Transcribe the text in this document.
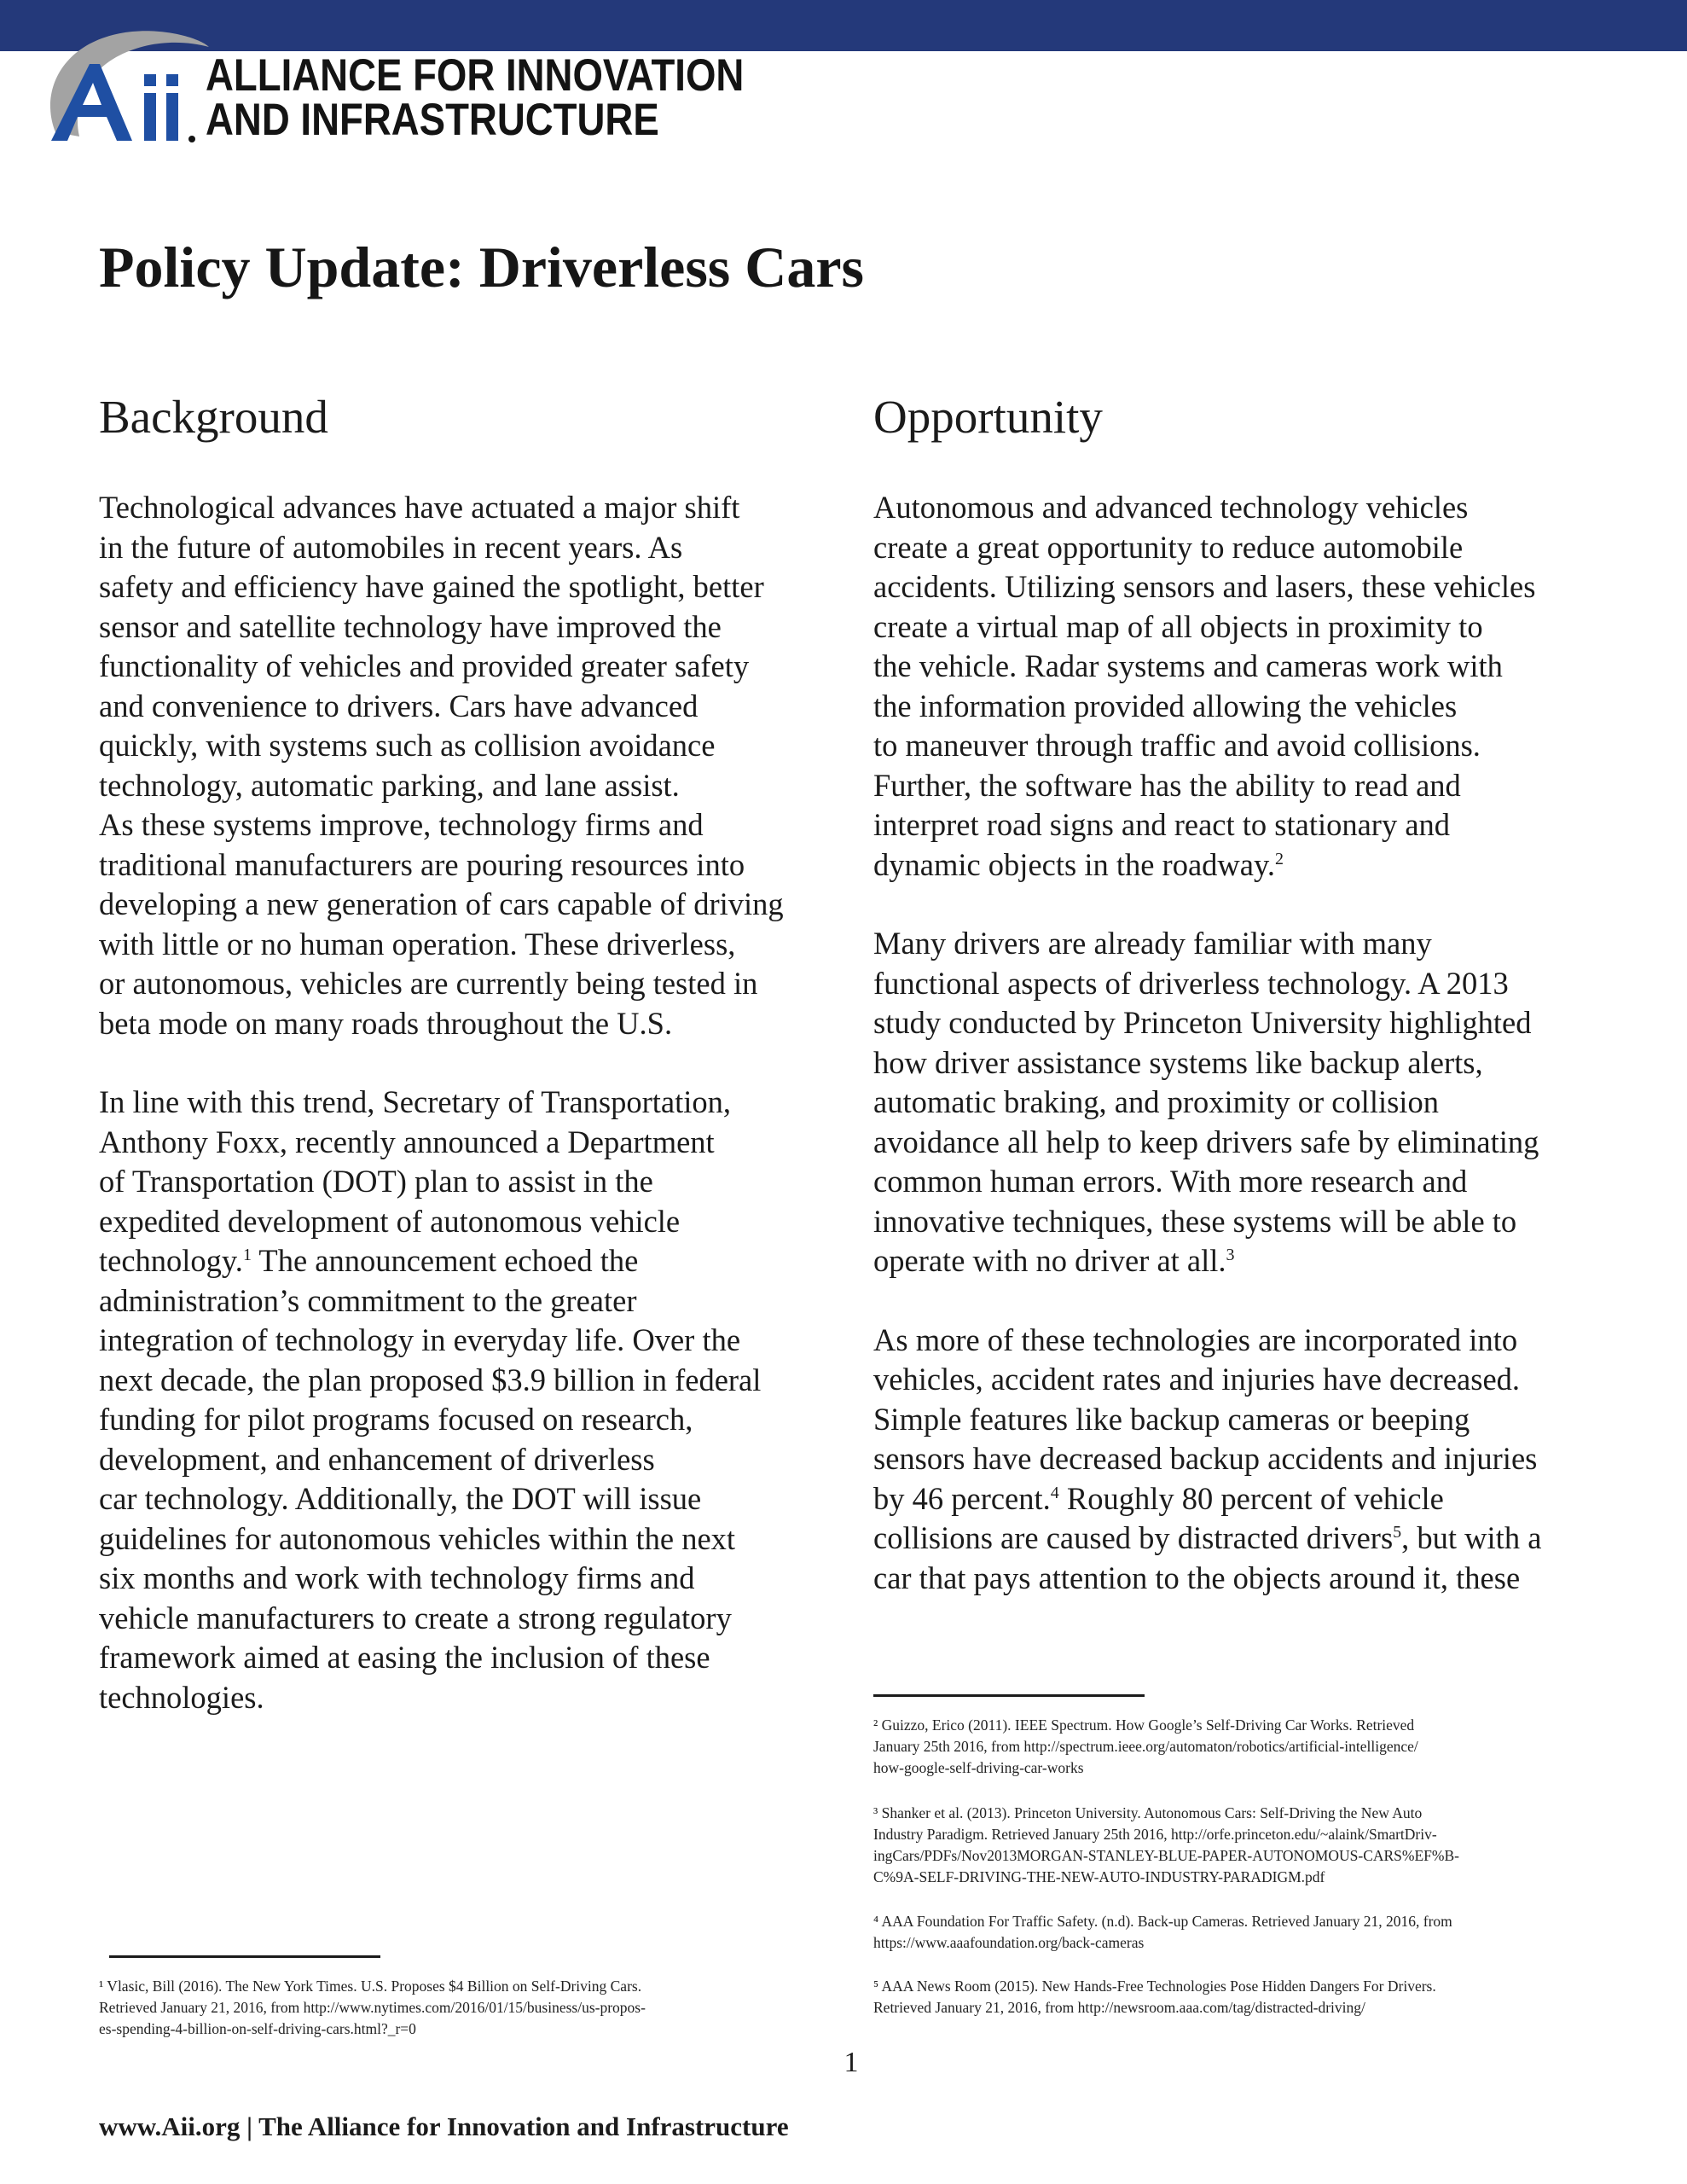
ALLIANCE FOR INNOVATION
AND INFRASTRUCTURE
Policy Update: Driverless Cars
Background

Technological advances have actuated a major shift
in the future of automobiles in recent years. As
safety and efficiency have gained the spotlight, better
sensor and satellite technology have improved the
functionality of vehicles and provided greater safety
and convenience to drivers. Cars have advanced
quickly, with systems such as collision avoidance
technology, automatic parking, and lane assist.
As these systems improve, technology firms and
traditional manufacturers are pouring resources into
developing a new generation of cars capable of driving
with little or no human operation. These driverless,
or autonomous, vehicles are currently being tested in
beta mode on many roads throughout the U.S.

In line with this trend, Secretary of Transportation,
Anthony Foxx, recently announced a Department
of Transportation (DOT) plan to assist in the
expedited development of autonomous vehicle
technology.$^1$ The announcement echoed the
administration’s commitment to the greater
integration of technology in everyday life. Over the
next decade, the plan proposed $3.9 billion in federal
funding for pilot programs focused on research,
development, and enhancement of driverless
car technology. Additionally, the DOT will issue
guidelines for autonomous vehicles within the next
six months and work with technology firms and
vehicle manufacturers to create a strong regulatory
framework aimed at easing the inclusion of these
technologies.

Opportunity

Autonomous and advanced technology vehicles
create a great opportunity to reduce automobile
accidents. Utilizing sensors and lasers, these vehicles
create a virtual map of all objects in proximity to
the vehicle. Radar systems and cameras work with
the information provided allowing the vehicles
to maneuver through traffic and avoid collisions.
Further, the software has the ability to read and
interpret road signs and react to stationary and
dynamic objects in the roadway.$^2$

Many drivers are already familiar with many
functional aspects of driverless technology. A 2013
study conducted by Princeton University highlighted
how driver assistance systems like backup alerts,
automatic braking, and proximity or collision
avoidance all help to keep drivers safe by eliminating
common human errors. With more research and
innovative techniques, these systems will be able to
operate with no driver at all.$^3$

As more of these technologies are incorporated into
vehicles, accident rates and injuries have decreased.
Simple features like backup cameras or beeping
sensors have decreased backup accidents and injuries
by 46 percent.$^4$ Roughly 80 percent of vehicle
collisions are caused by distracted drivers$^5$, but with a
car that pays attention to the objects around it, these

² Guizzo, Erico (2011). IEEE Spectrum. How Google’s Self-Driving Car Works. Retrieved
January 25th 2016, from http://spectrum.ieee.org/automaton/robotics/artificial-intelligence/
how-google-self-driving-car-works
³ Shanker et al. (2013). Princeton University. Autonomous Cars: Self-Driving the New Auto
Industry Paradigm. Retrieved January 25th 2016, http://orfe.princeton.edu/~alaink/SmartDriv-
ingCars/PDFs/Nov2013MORGAN-STANLEY-BLUE-PAPER-AUTONOMOUS-CARS%EF%B-
C%9A-SELF-DRIVING-THE-NEW-AUTO-INDUSTRY-PARADIGM.pdf
⁴ AAA Foundation For Traffic Safety. (n.d). Back-up Cameras. Retrieved January 21, 2016, from
https://www.aaafoundation.org/back-cameras
⁵ AAA News Room (2015). New Hands-Free Technologies Pose Hidden Dangers For Drivers.
Retrieved January 21, 2016, from http://newsroom.aaa.com/tag/distracted-driving/
¹ Vlasic, Bill (2016). The New York Times. U.S. Proposes $4 Billion on Self-Driving Cars.
Retrieved January 21, 2016, from http://www.nytimes.com/2016/01/15/business/us-propos-
es-spending-4-billion-on-self-driving-cars.html?_r=0
1
www.Aii.org | The Alliance for Innovation and Infrastructure
